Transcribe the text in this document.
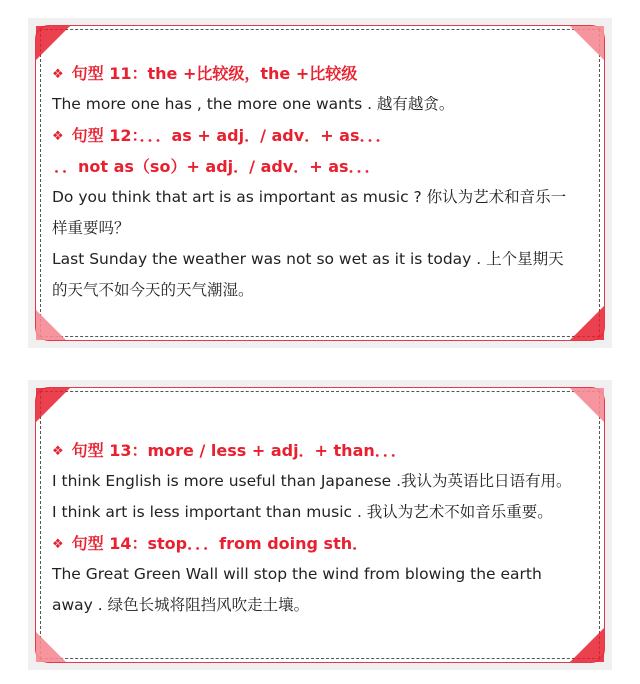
❖ 句型 11：the +比较级，the +比较级
The more one has , the more one wants . 越有越贪。
❖ 句型 12：．．．as + adj．/ adv．+ as．．．
．．not as（so）+ adj．/ adv．+ as．．．
Do you think that art is as important as music ? 你认为艺术和音乐一
样重要吗？
Last Sunday the weather was not so wet as it is today . 上个星期天
的天气不如今天的天气潮湿。
❖ 句型 13：more / less + adj．+ than．．．
I think English is more useful than Japanese .我认为英语比日语有用。
I think art is less important than music . 我认为艺术不如音乐重要。
❖ 句型 14：stop．．．from doing sth．
The Great Green Wall will stop the wind from blowing the earth
away . 绿色长城将阻挡风吹走土壤。
